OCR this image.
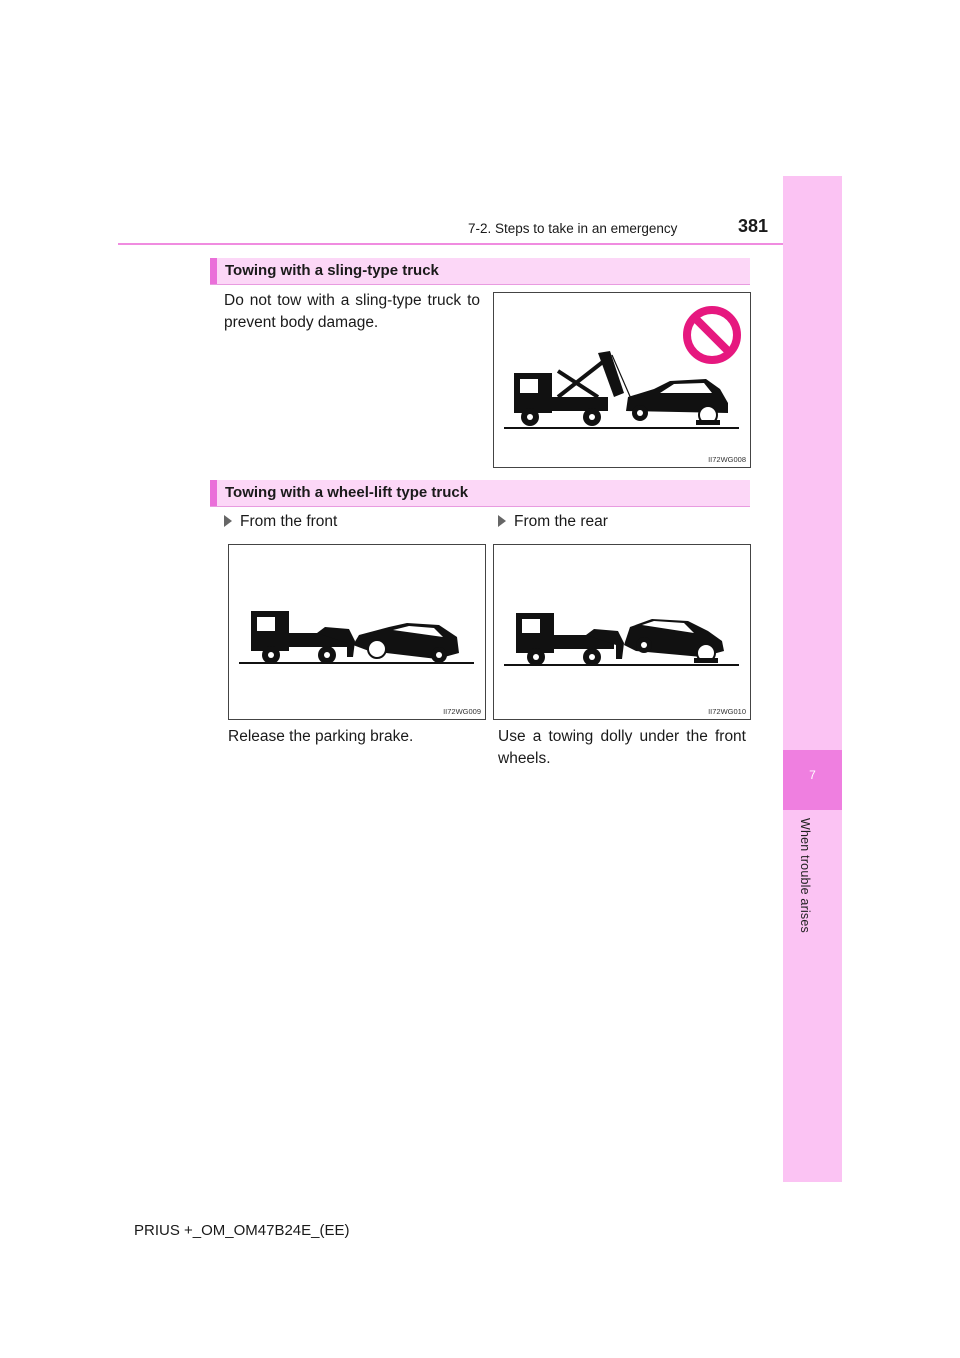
7-2. Steps to take in an emergency	381
7
When trouble arises
Towing with a sling-type truck
Do not tow with a sling-type truck to prevent body damage.
II72WG008
Towing with a wheel-lift type truck
From the front	From the rear
II72WG009	II72WG010
Release the parking brake.	Use a towing dolly under the front wheels.
PRIUS +_OM_OM47B24E_(EE)
